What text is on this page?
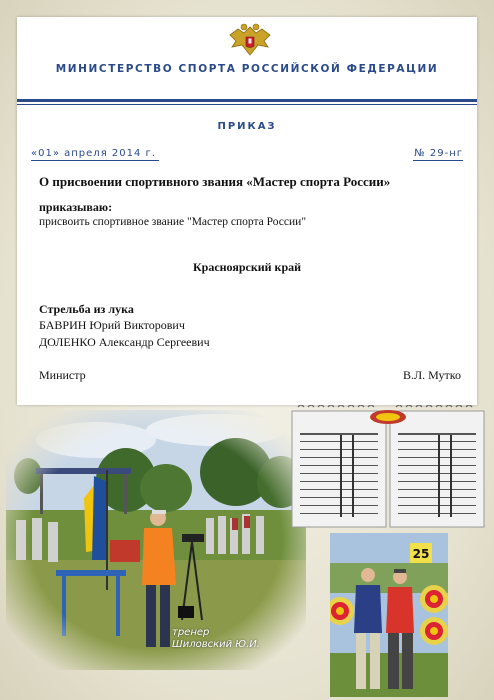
МИНИСТЕРСТВО СПОРТА РОССИЙСКОЙ ФЕДЕРАЦИИ
ПРИКАЗ
«01» апреля 2014 г.	№ 29-нг
О присвоении спортивного звания «Мастер спорта России»
приказываю:
присвоить спортивное звание "Мастер спорта России"
Красноярский край
Стрельба из лука
БАВРИН Юрий Викторович
ДОЛЕНКО Александр Сергеевич
Министр	В.Л. Мутко
тренер
Шиловский Ю.И.
25
